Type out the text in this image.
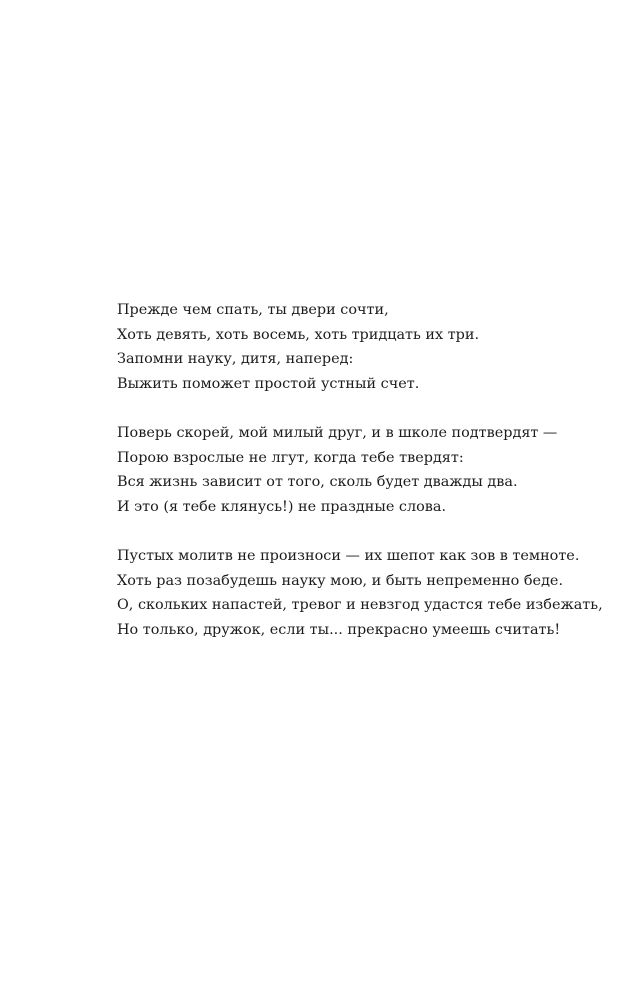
Прежде чем спать, ты двери сочти,
Хоть девять, хоть восемь, хоть тридцать их три.
Запомни науку, дитя, наперед:
Выжить поможет простой устный счет.
Поверь скорей, мой милый друг, и в школе подтвердят —
Порою взрослые не лгут, когда тебе твердят:
Вся жизнь зависит от того, сколь будет дважды два.
И это (я тебе клянусь!) не праздные слова.
Пустых молитв не произноси — их шепот как зов в темноте.
Хоть раз позабудешь науку мою, и быть непременно беде.
О, скольких напастей, тревог и невзгод удастся тебе избежать,
Но только, дружок, если ты... прекрасно умеешь считать!
